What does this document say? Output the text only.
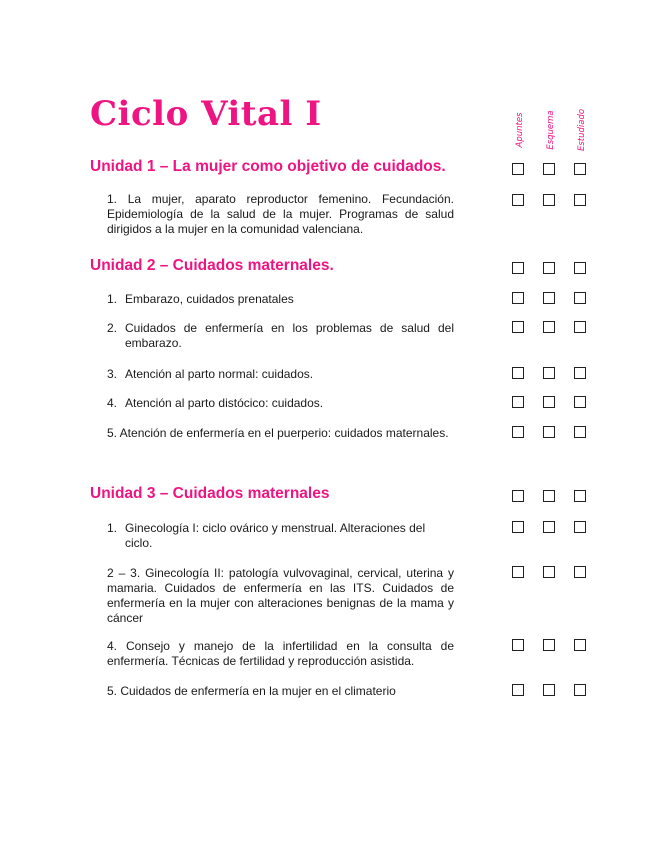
Ciclo Vital I	Apuntes Esquema Estudiado
Unidad 1 – La mujer como objetivo de cuidados.

1. La mujer, aparato reproductor femenino. Fecundación. Epidemiología de la salud de la mujer. Programas de salud dirigidos a la mujer en la comunidad valenciana.

Unidad 2 – Cuidados maternales.
1. Embarazo, cuidados prenatales
2. Cuidados de enfermería en los problemas de salud del embarazo.
3. Atención al parto normal: cuidados.
4. Atención al parto distócico: cuidados.

5. Atención de enfermería en el puerperio: cuidados maternales.

Unidad 3 – Cuidados maternales
1. Ginecología I: ciclo ovárico y menstrual. Alteraciones del ciclo.

2 – 3. Ginecología II: patología vulvovaginal, cervical, uterina y mamaria. Cuidados de enfermería en las ITS. Cuidados de enfermería en la mujer con alteraciones benignas de la mama y cáncer

4. Consejo y manejo de la infertilidad en la consulta de enfermería. Técnicas de fertilidad y reproducción asistida.

5. Cuidados de enfermería en la mujer en el climaterio
